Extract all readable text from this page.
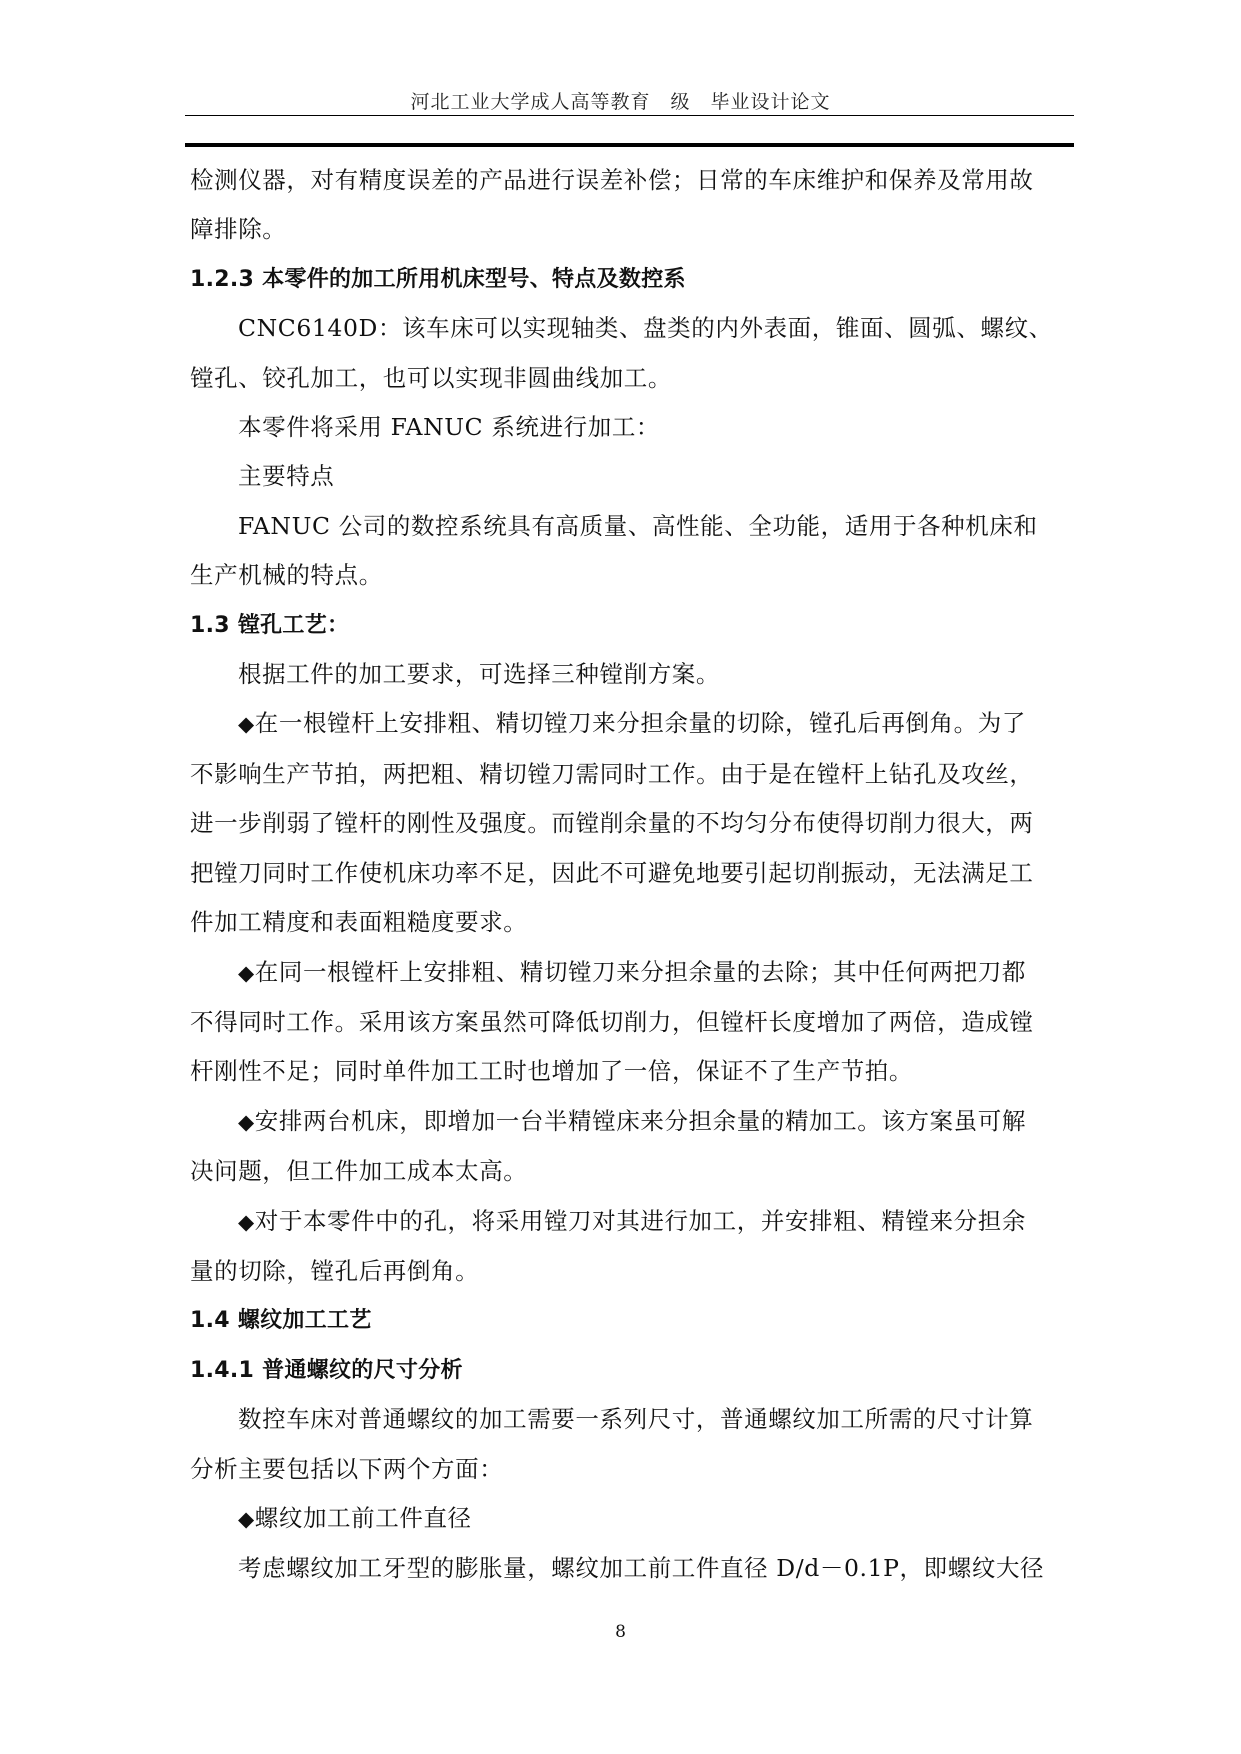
河北工业大学成人高等教育　级　毕业设计论文
检测仪器，对有精度误差的产品进行误差补偿；日常的车床维护和保养及常用故
障排除。
1.2.3 本零件的加工所用机床型号、特点及数控系
CNC6140D：该车床可以实现轴类、盘类的内外表面，锥面、圆弧、螺纹、
镗孔、铰孔加工，也可以实现非圆曲线加工。
本零件将采用 FANUC 系统进行加工：
主要特点
FANUC 公司的数控系统具有高质量、高性能、全功能，适用于各种机床和
生产机械的特点。
1.3 镗孔工艺：
根据工件的加工要求，可选择三种镗削方案。
◆在一根镗杆上安排粗、精切镗刀来分担余量的切除，镗孔后再倒角。为了
不影响生产节拍，两把粗、精切镗刀需同时工作。由于是在镗杆上钻孔及攻丝，
进一步削弱了镗杆的刚性及强度。而镗削余量的不均匀分布使得切削力很大，两
把镗刀同时工作使机床功率不足，因此不可避免地要引起切削振动，无法满足工
件加工精度和表面粗糙度要求。
◆在同一根镗杆上安排粗、精切镗刀来分担余量的去除；其中任何两把刀都
不得同时工作。采用该方案虽然可降低切削力，但镗杆长度增加了两倍，造成镗
杆刚性不足；同时单件加工工时也增加了一倍，保证不了生产节拍。
◆安排两台机床，即增加一台半精镗床来分担余量的精加工。该方案虽可解
决问题，但工件加工成本太高。
◆对于本零件中的孔，将采用镗刀对其进行加工，并安排粗、精镗来分担余
量的切除，镗孔后再倒角。
1.4 螺纹加工工艺
1.4.1 普通螺纹的尺寸分析
数控车床对普通螺纹的加工需要一系列尺寸，普通螺纹加工所需的尺寸计算
分析主要包括以下两个方面：
◆螺纹加工前工件直径
考虑螺纹加工牙型的膨胀量，螺纹加工前工件直径 D/d－0.1P，即螺纹大径
8
